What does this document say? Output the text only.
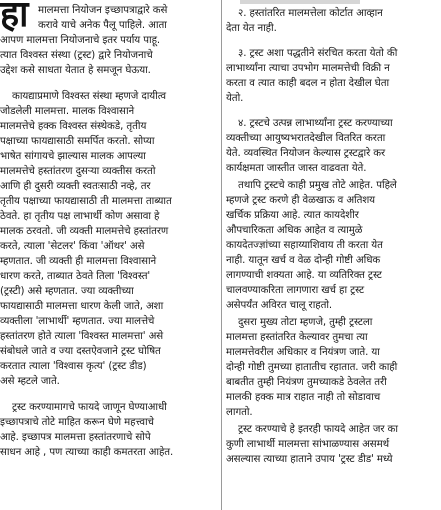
हा मालमत्ता नियोजन इच्छापत्राद्वारे कसे
करावे याचे अनेक पैलू पाहिले. आता
आपण मालमत्ता नियोजनाचे इतर पर्याय पाहू.
त्यात विश्वस्त संस्था (ट्रस्ट) द्वारे नियोजनाचे
उद्देश कसे साधता येतात हे समजून घेऊया.
कायद्याप्रमाणे विश्वस्त संस्था म्हणजे दायीत्व
जोडलेली मालमत्ता. मालक विश्वासाने
मालमत्तेचे हक्क विश्वस्त संस्थेकडे, तृतीय
पक्षाच्या फायद्यासाठी समर्पित करतो. सोप्या
भाषेत सांगायचे झाल्यास मालक आपल्या
मालमत्तेचे हस्तांतरण दुसऱ्या व्यक्तीस करतो
आणि ही दुसरी व्यक्ती स्वतःसाठी नव्हे, तर
तृतीय पक्षाच्या फायद्यासाठी ती मालमत्ता ताब्यात
ठेवते. हा तृतीय पक्ष लाभार्थी कोण असावा हे
मालक ठरवतो. जी व्यक्ती मालमत्तेचे हस्तांतरण
करते, त्याला 'सेटलर' किंवा 'ऑथर' असे
म्हणतात. जी व्यक्ती ही मालमत्ता विश्वासाने
धारण करते, ताब्यात ठेवते तिला 'विश्वस्त'
(ट्रस्टी) असे म्हणतात. ज्या व्यक्तीच्या
फायद्यासाठी मालमत्ता धारण केली जाते, अशा
व्यक्तीला 'लाभार्थी' म्हणतात. ज्या मालत्तेचे
हस्तांतरण होते त्याला 'विश्वस्त मालमत्ता' असे
संबोधले जाते व ज्या दस्तऐवजाने ट्रस्ट घोषित
करतात त्याला 'विश्वास कृत्य' (ट्रस्ट डीड)
असे म्हटले जाते.
ट्रस्ट करण्यामागचे फायदे जाणून घेण्याआधी
इच्छापत्राचे तोटे माहित करून घेणे महत्त्वाचे
आहे. इच्छापत्र मालमत्ता हस्तांतरणाचे सोपे
साधन आहे , पण त्याच्या काही कमतरता आहेत.
२. हस्तांतरित मालमत्तेला कोर्टात आव्हान
देता येत नाही.
३. ट्रस्ट अशा पद्धतीने संरचित करता येतो की
लाभार्थ्यांना त्याचा उपभोग मालमत्तेची विक्री न
करता व त्यात काही बदल न होता देखील घेता
येतो.
४. ट्रस्टचे उत्पन्न लाभार्थ्यांना ट्रस्ट करण्याच्या
व्यक्तीच्या आयुष्यभरातदेखील वितरित करता
येते. व्यवस्थित नियोजन केल्यास ट्रस्टद्वारे कर
कार्यक्षमता जास्तीत जास्त वाढवता येते.
तथापि ट्रस्टचे काही प्रमुख तोटे आहेत. पहिले
म्हणजे ट्रस्ट करणे ही वेळखाऊ व अतिशय
खर्चिक प्रक्रिया आहे. त्यात कायदेशीर
औपचारिकता अधिक आहेत व त्यामुळे
कायदेतज्ज्ञांच्या सहाय्याशिवाय ती करता येत
नाही. यातून खर्च व वेळ दोन्ही गोष्टी अधिक
लागण्याची शक्यता आहे. या व्यतिरिक्त ट्रस्ट
चालवण्याकरिता लागणारा खर्च हा ट्रस्ट
असेपर्यंत अविरत चालू राहतो.
दुसरा मुख्य तोटा म्हणजे, तुम्ही ट्रस्टला
मालमत्ता हस्तांतरित केल्यावर तुमचा त्या
मालमत्तेवरील अधिकार व नियंत्रण जाते. या
दोन्ही गोष्टी तुमच्या हातातीच रहातात. जरी काही
बाबतीत तुम्ही नियंत्रण तुमच्याकडे ठेवलेत तरी
मालकी हक्क मात्र राहात नाही तो सोडावाच
लागतो.
ट्रस्ट करण्याचे हे इतरही फायदे आहेत जर का
कुणी लाभार्थी मालमत्ता सांभाळण्यास असमर्थ
असल्यास त्याच्या हाताने उपाय 'ट्रस्ट डीड' मध्ये
